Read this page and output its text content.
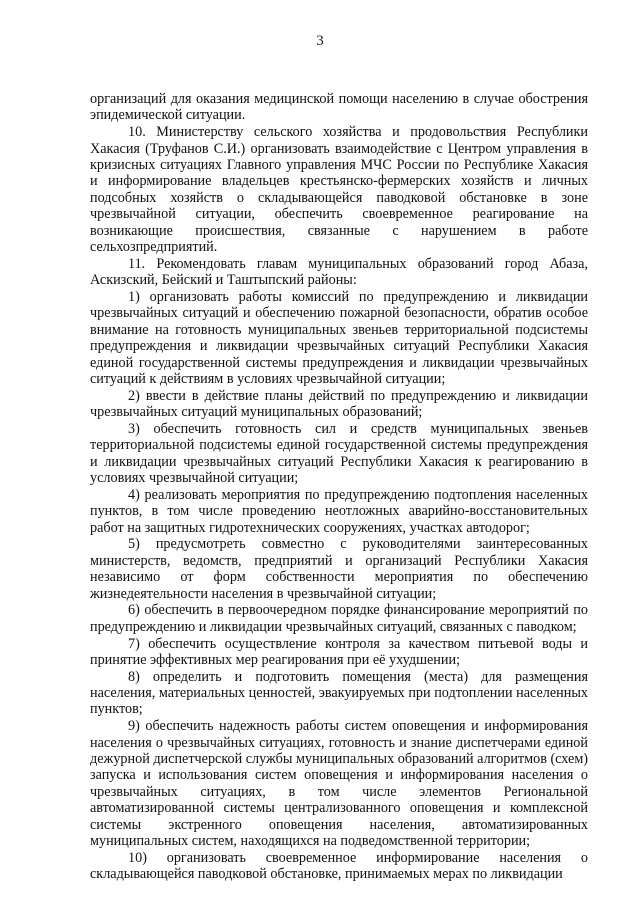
3

организаций для оказания медицинской помощи населению в случае обострения эпидемической ситуации.

10. Министерству сельского хозяйства и продовольствия Республики Хакасия (Труфанов С.И.) организовать взаимодействие с Центром управления в кризисных ситуациях Главного управления МЧС России по Республике Хакасия и информирование владельцев крестьянско-фермерских хозяйств и личных подсобных хозяйств о складывающейся паводковой обстановке в зоне чрезвычайной ситуации, обеспечить своевременное реагирование на возникающие происшествия, связанные с нарушением в работе сельхозпредприятий.

11. Рекомендовать главам муниципальных образований город Абаза, Аскизский, Бейский и Таштыпский районы:

1) организовать работы комиссий по предупреждению и ликвидации чрезвычайных ситуаций и обеспечению пожарной безопасности, обратив особое внимание на готовность муниципальных звеньев территориальной подсистемы предупреждения и ликвидации чрезвычайных ситуаций Республики Хакасия единой государственной системы предупреждения и ликвидации чрезвычайных ситуаций к действиям в условиях чрезвычайной ситуации;

2) ввести в действие планы действий по предупреждению и ликвидации чрезвычайных ситуаций муниципальных образований;

3) обеспечить готовность сил и средств муниципальных звеньев территориальной подсистемы единой государственной системы предупреждения и ликвидации чрезвычайных ситуаций Республики Хакасия к реагированию в условиях чрезвычайной ситуации;

4) реализовать мероприятия по предупреждению подтопления населенных пунктов, в том числе проведению неотложных аварийно-восстановительных работ на защитных гидротехнических сооружениях, участках автодорог;

5) предусмотреть совместно с руководителями заинтересованных министерств, ведомств, предприятий и организаций Республики Хакасия независимо от форм собственности мероприятия по обеспечению жизнедеятельности населения в чрезвычайной ситуации;

6) обеспечить в первоочередном порядке финансирование мероприятий по предупреждению и ликвидации чрезвычайных ситуаций, связанных с паводком;

7) обеспечить осуществление контроля за качеством питьевой воды и принятие эффективных мер реагирования при её ухудшении;

8) определить и подготовить помещения (места) для размещения населения, материальных ценностей, эвакуируемых при подтоплении населенных пунктов;

9) обеспечить надежность работы систем оповещения и информирования населения о чрезвычайных ситуациях, готовность и знание диспетчерами единой дежурной диспетчерской службы муниципальных образований алгоритмов (схем) запуска и использования систем оповещения и информирования населения о чрезвычайных ситуациях, в том числе элементов Региональной автоматизированной системы централизованного оповещения и комплексной системы экстренного оповещения населения, автоматизированных муниципальных систем, находящихся на подведомственной территории;

10) организовать своевременное информирование населения о складывающейся паводковой обстановке, принимаемых мерах по ликвидации
